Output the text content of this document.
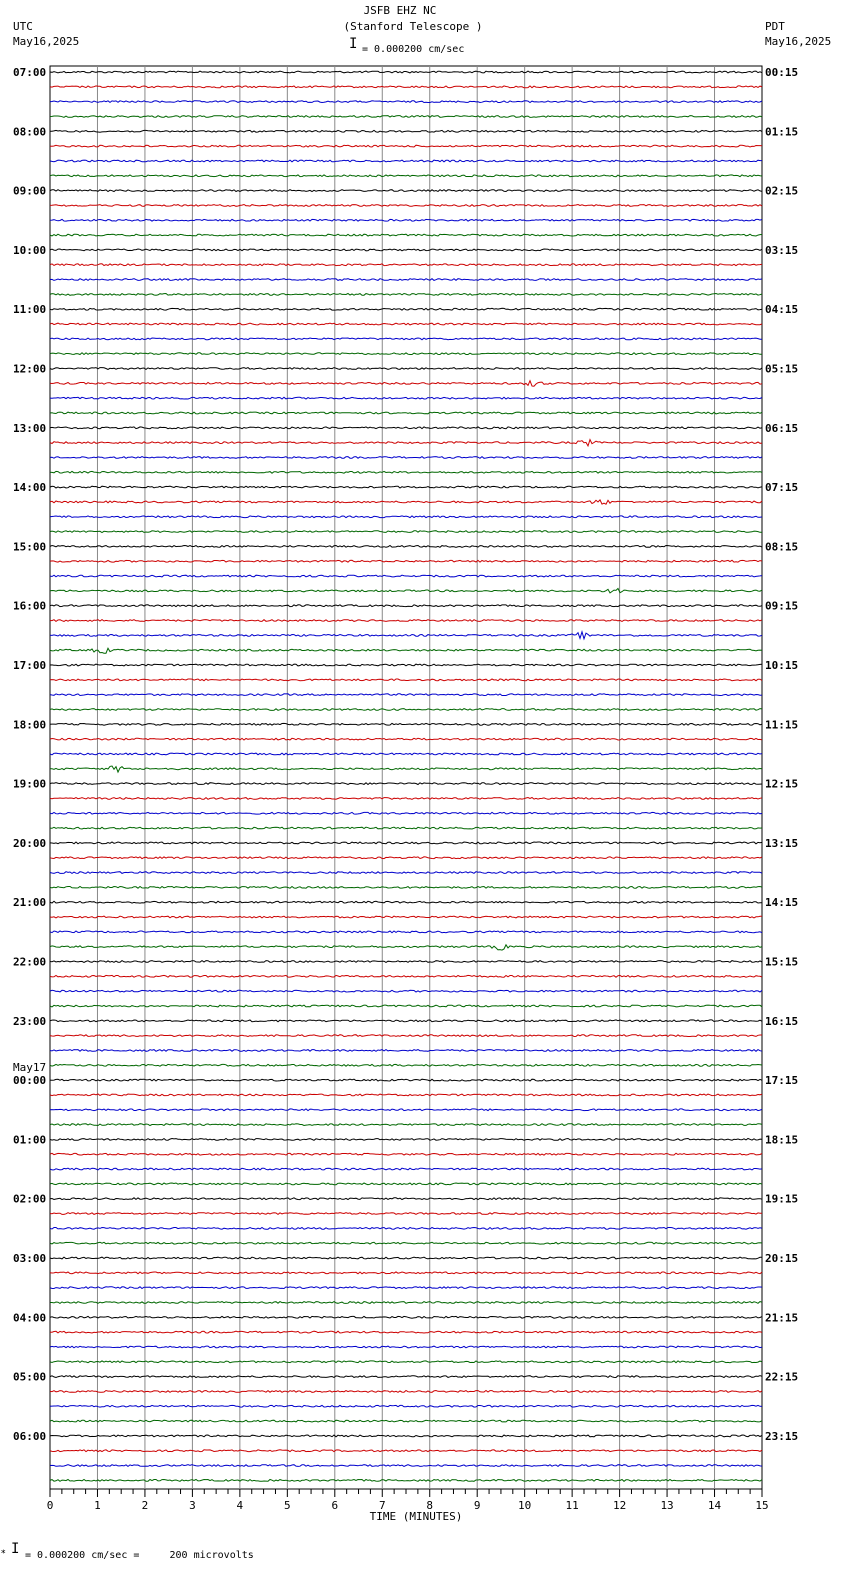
07:00	00:15
08:00	01:15
09:00	02:15
10:00	03:15
11:00	04:15
12:00	05:15
13:00	06:15
14:00	07:15
15:00	08:15
16:00	09:15
17:00	10:15
18:00	11:15
19:00	12:15
20:00	13:15
21:00	14:15
22:00	15:15
23:00	16:15
00:00	17:15
01:00	18:15
02:00	19:15
03:00	20:15
04:00	21:15
05:00	22:15
06:00	23:15
0	1	2	3	4	5	6	7	8	9	10	11	12	13	14	15
JSFB EHZ NC
(Stanford Telescope )
I = 0.000200 cm/sec
UTC
May16,2025
PDT
May16,2025
May17
TIME (MINUTES)
⁎ I = 0.000200 cm/sec =     200 microvolts
